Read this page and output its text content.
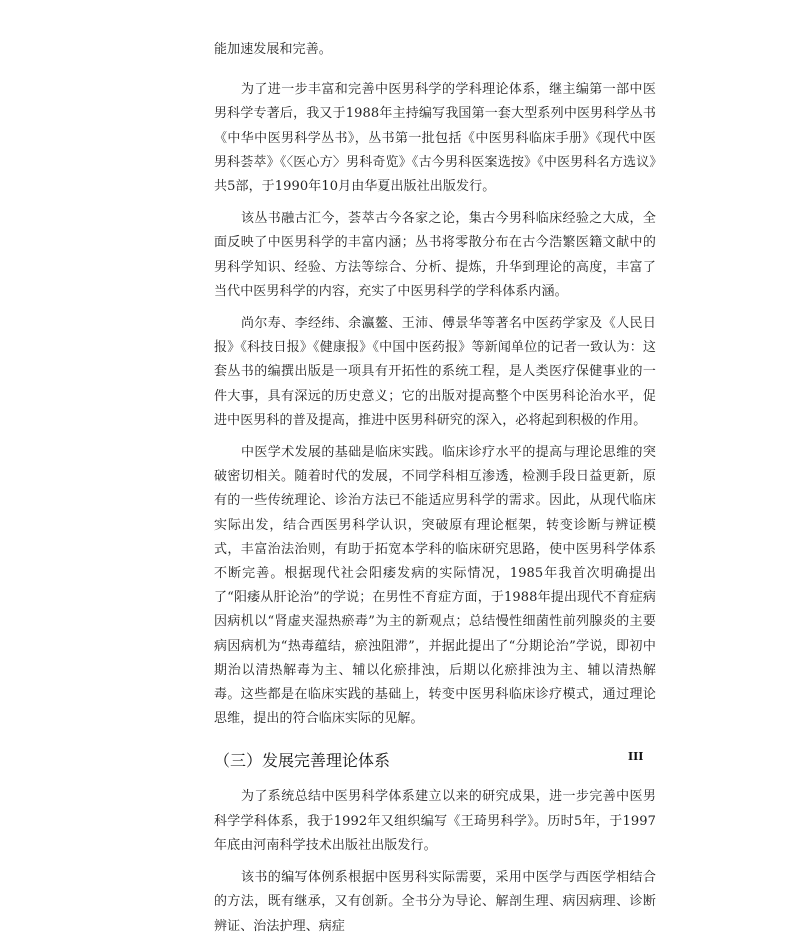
能加速发展和完善。

为了进一步丰富和完善中医男科学的学科理论体系，继主编第一部中医男科学专著后，我又于1988年主持编写我国第一套大型系列中医男科学丛书《中华中医男科学丛书》，丛书第一批包括《中医男科临床手册》《现代中医男科荟萃》《〈医心方〉男科奇览》《古今男科医案选按》《中医男科名方选议》共5部，于1990年10月由华夏出版社出版发行。

该丛书融古汇今，荟萃古今各家之论，集古今男科临床经验之大成，全面反映了中医男科学的丰富内涵；丛书将零散分布在古今浩繁医籍文献中的男科学知识、经验、方法等综合、分析、提炼，升华到理论的高度，丰富了当代中医男科学的内容，充实了中医男科学的学科体系内涵。

尚尔寿、李经纬、余瀛鳌、王沛、傅景华等著名中医药学家及《人民日报》《科技日报》《健康报》《中国中医药报》等新闻单位的记者一致认为：这套丛书的编撰出版是一项具有开拓性的系统工程，是人类医疗保健事业的一件大事，具有深远的历史意义；它的出版对提高整个中医男科论治水平，促进中医男科的普及提高，推进中医男科研究的深入，必将起到积极的作用。

中医学术发展的基础是临床实践。临床诊疗水平的提高与理论思维的突破密切相关。随着时代的发展，不同学科相互渗透，检测手段日益更新，原有的一些传统理论、诊治方法已不能适应男科学的需求。因此，从现代临床实际出发，结合西医男科学认识，突破原有理论框架，转变诊断与辨证模式，丰富治法治则，有助于拓宽本学科的临床研究思路，使中医男科学体系不断完善。根据现代社会阳痿发病的实际情况，1985年我首次明确提出了“阳痿从肝论治”的学说；在男性不育症方面，于1988年提出现代不育症病因病机以“肾虚夹湿热瘀毒”为主的新观点；总结慢性细菌性前列腺炎的主要病因病机为“热毒蕴结，瘀浊阻滞”，并据此提出了“分期论治”学说，即初中期治以清热解毒为主、辅以化瘀排浊，后期以化瘀排浊为主、辅以清热解毒。这些都是在临床实践的基础上，转变中医男科临床诊疗模式，通过理论思维，提出的符合临床实际的见解。

（三）发展完善理论体系

为了系统总结中医男科学体系建立以来的研究成果，进一步完善中医男科学学科体系，我于1992年又组织编写《王琦男科学》。历时5年，于1997年底由河南科学技术出版社出版发行。

该书的编写体例系根据中医男科实际需要，采用中医学与西医学相结合的方法，既有继承，又有创新。全书分为导论、解剖生理、病因病理、诊断辨证、治法护理、病症

III
